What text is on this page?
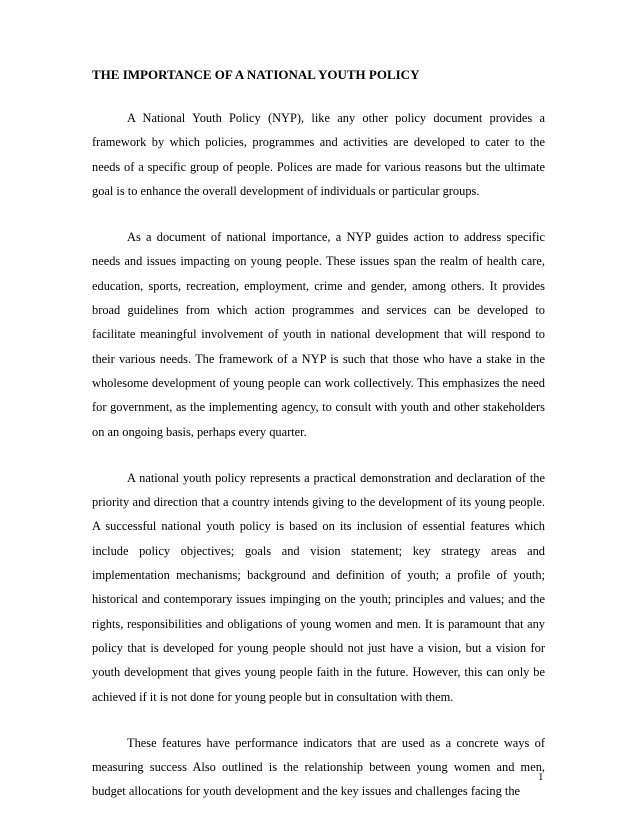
THE IMPORTANCE OF A NATIONAL YOUTH POLICY

A National Youth Policy (NYP), like any other policy document provides a framework by which policies, programmes and activities are developed to cater to the needs of a specific group of people. Polices are made for various reasons but the ultimate goal is to enhance the overall development of individuals or particular groups.

As a document of national importance, a NYP guides action to address specific needs and issues impacting on young people. These issues span the realm of health care, education, sports, recreation, employment, crime and gender, among others. It provides broad guidelines from which action programmes and services can be developed to facilitate meaningful involvement of youth in national development that will respond to their various needs. The framework of a NYP is such that those who have a stake in the wholesome development of young people can work collectively. This emphasizes the need for government, as the implementing agency, to consult with youth and other stakeholders on an ongoing basis, perhaps every quarter.

A national youth policy represents a practical demonstration and declaration of the priority and direction that a country intends giving to the development of its young people. A successful national youth policy is based on its inclusion of essential features which include policy objectives; goals and vision statement; key strategy areas and implementation mechanisms; background and definition of youth; a profile of youth; historical and contemporary issues impinging on the youth; principles and values; and the rights, responsibilities and obligations of young women and men. It is paramount that any policy that is developed for young people should not just have a vision, but a vision for youth development that gives young people faith in the future. However, this can only be achieved if it is not done for young people but in consultation with them.

These features have performance indicators that are used as a concrete ways of measuring success Also outlined is the relationship between young women and men, budget allocations for youth development and the key issues and challenges facing the

1
